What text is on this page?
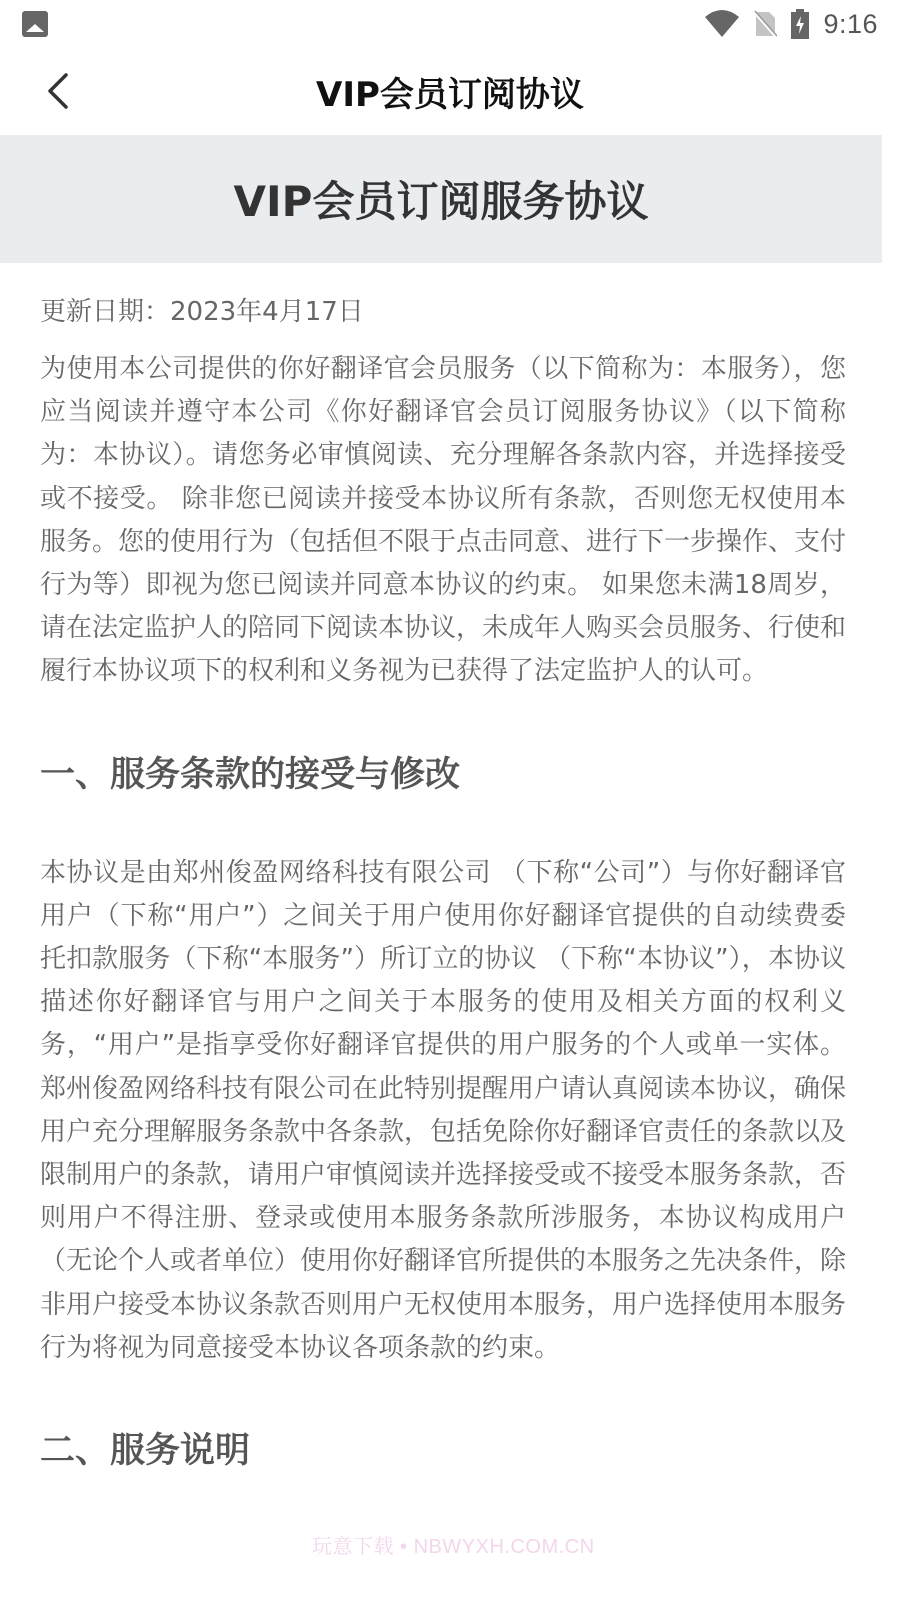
9:16
VIP会员订阅协议
VIP会员订阅服务协议
更新日期：2023年4月17日

为使用本公司提供的你好翻译官会员服务（以下简称为：本服务），您应当阅读并遵守本公司《你好翻译官会员订阅服务协议》（以下简称为：本协议）。请您务必审慎阅读、充分理解各条款内容，并选择接受或不接受。 除非您已阅读并接受本协议所有条款，否则您无权使用本服务。您的使用行为（包括但不限于点击同意、进行下一步操作、支付行为等）即视为您已阅读并同意本协议的约束。 如果您未满18周岁，请在法定监护人的陪同下阅读本协议，未成年人购买会员服务、行使和履行本协议项下的权利和义务视为已获得了法定监护人的认可。

一、服务条款的接受与修改

本协议是由郑州俊盈网络科技有限公司 （下称“公司”）与你好翻译官用户（下称“用户”）之间关于用户使用你好翻译官提供的自动续费委托扣款服务（下称“本服务”）所订立的协议 （下称“本协议”），本协议描述你好翻译官与用户之间关于本服务的使用及相关方面的权利义务，“用户”是指享受你好翻译官提供的用户服务的个人或单一实体。 郑州俊盈网络科技有限公司在此特别提醒用户请认真阅读本协议，确保用户充分理解服务条款中各条款，包括免除你好翻译官责任的条款以及限制用户的条款，请用户审慎阅读并选择接受或不接受本服务条款，否则用户不得注册、登录或使用本服务条款所涉服务，本协议构成用户 （无论个人或者单位）使用你好翻译官所提供的本服务之先决条件，除非用户接受本协议条款否则用户无权使用本服务，用户选择使用本服务行为将视为同意接受本协议各项条款的约束。

二、服务说明
玩意下载 • NBWYXH.COM.CN
